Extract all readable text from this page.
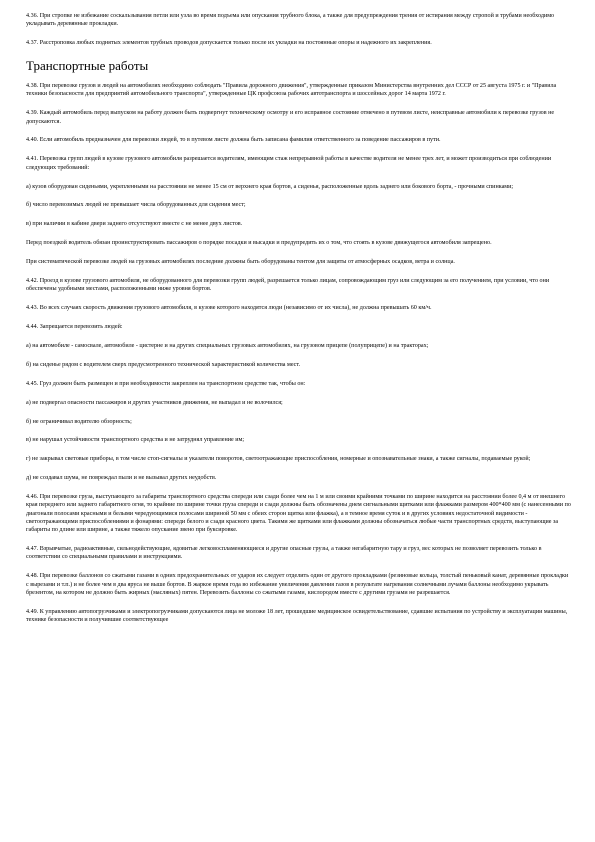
4.36. При стропке не избежание соскальзывания петли или узла во время подъема или опускания трубного блока, а также для предупреждения трения от истирания между стропой и трубами необходимо укладывать деревянные прокладки.

4.37. Расстроповка любых поднятых элементов трубных проводов допускается только после их укладки на постоянные опоры и надежного их закрепления.

Транспортные работы

4.38. При перевозке грузов и людей на автомобилях необходимо соблюдать "Правила дорожного движения", утвержденные приказом Министерства внутренних дел СССР от 25 августа 1975 г. и "Правила техники безопасности для предприятий автомобильного транспорта", утвержденные ЦК профсоюза рабочих автотранспорта и шоссейных дорог 14 марта 1972 г.

4.39. Каждый автомобиль перед выпуском на работу должен быть подвергнут техническому осмотру и его исправное состояние отмечено в путевом листе, неисправные автомобили к перевозке грузов не допускаются.

4.40. Если автомобиль предназначен для перевозки людей, то в путевом листе должна быть записана фамилия ответственного за поведение пассажиров в пути.

4.41. Перевозка групп людей в кузове грузового автомобиля разрешается водителям, имеющим стаж непрерывной работы в качестве водителя не менее трех лет, и может производиться при соблюдении следующих требований:

а) кузов оборудован сиденьями, укрепленными на расстоянии не менее 15 см от верхнего края бортов, а сиденья, расположенные вдоль заднего или бокового борта, - прочными спинками;

б) число перевозимых людей не превышает числа оборудованных для сидения мест;

в) при наличии в кабине двери заднего отсутствуют вместе с не менее двух листов.

Перед поездкой водитель обязан проинструктировать пассажиров о порядке посадки и высадки и предупредить их о том, что стоять в кузове движущегося автомобиля запрещено.

При систематической перевозке людей на грузовых автомобилях последние должны быть оборудованы тентом для защиты от атмосферных осадков, ветра и солнца.

4.42. Проезд в кузове грузового автомобиля, не оборудованного для перевозки групп людей, разрешается только лицам, сопровождающим груз или следующим за его получением, при условии, что они обеспечены удобными местами, расположенными ниже уровня бортов.

4.43. Во всех случаях скорость движения грузового автомобиля, в кузове которого находятся люди (независимо от их числа), не должна превышать 60 км/ч.

4.44. Запрещается перевозить людей:

а) на автомобиле - самосвале, автомобиле - цистерне и на других специальных грузовых автомобилях, на грузовом прицепе (полуприцепе) и на тракторах;

б) на сиденье рядом с водителем сверх предусмотренного технической характеристикой количества мест.

4.45. Груз должен быть размещен и при необходимости закреплен на транспортном средстве так, чтобы он:

а) не подвергал опасности пассажиров и других участников движения, не выпадал и не волочился;

б) не ограничивал водителю обзорность;

в) не нарушал устойчивости транспортного средства и не затруднял управление им;

г) не закрывал световые приборы, в том числе стоп-сигналы и указатели поворотов, светоотражающие приспособления, номерные и опознавательные знаки, а также сигналы, подаваемые рукой;

д) не создавал шума, не повреждал пыли и не вызывал других неудобств.

4.46. При перевозке груза, выступающего за габариты транспортного средства спереди или сзади более чем на 1 м или своими крайними точками по ширине находится на расстоянии более 0,4 м от внешнего края переднего или заднего габаритного огня, то крайние по ширине точки груза спереди и сзади должны быть обозначены днем сигнальными щитками или флажками размером 400*400 мм (с нанесенными по диагонали полосами красными и белыми чередующимися полосами шириной 50 мм с обеих сторон щитка или флажка), а в темное время суток и в других условиях недостаточной видимости - светоотражающими приспособлениями и фонарями: спереди белого и сзади красного цвета. Такими же щитками или флажками должны обозначаться любые части транспортных средств, выступающие за габариты по длине или ширине, а также тяжело опускание звено при буксировке.

4.47. Взрывчатые, радиоактивные, сильнодействующие, ядовитые легковоспламеняющиеся и другие опасные грузы, а также негабаритную тару и груз, вес которых не позволяет перевозить только в соответствии со специальными правилами и инструкциями.

4.48. При перевозке баллонов со сжатыми газами в одних предохранительных от ударов их следует отделить один от другого прокладками (резиновые кольца, толстый пеньковый канат, деревянные прокладки с вырезами и т.п.) и не более чем в два яруса не выше бортов. В жаркое время года во избежание увеличения давления газов в результате нагревания солнечными лучами баллоны необходимо укрывать брезентом, на котором не должно быть жирных (масляных) пятен. Перевозить баллоны со сжатыми газами, кислородом вместе с другими грузами не разрешается.

4.49. К управлению автопогрузчиками и электропогрузчиками допускаются лица не моложе 18 лет, прошедшие медицинское освидетельствование, сдавшие испытания по устройству и эксплуатации машины, технике безопасности и получившие соответствующее
